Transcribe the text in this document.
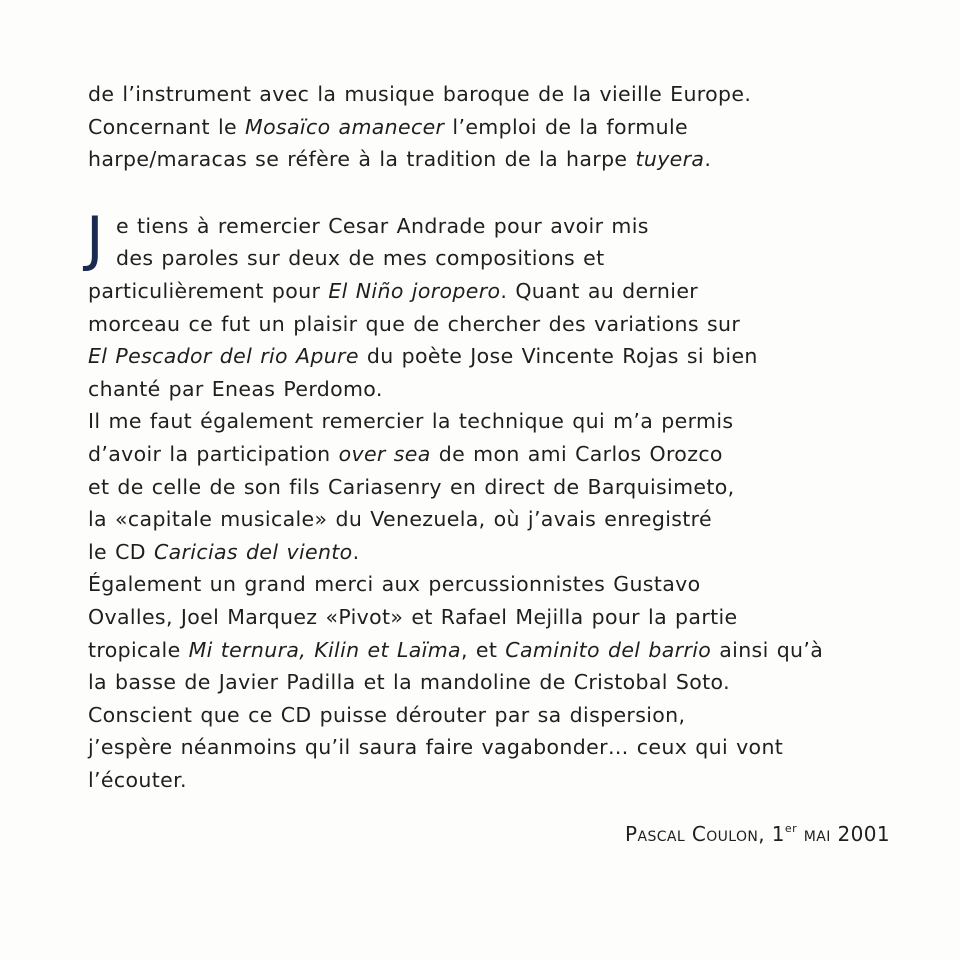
de l’instrument avec la musique baroque de la vieille Europe.
Concernant le Mosaïco amanecer l’emploi de la formule
harpe/maracas se réfère à la tradition de la harpe tuyera.
J e tiens à remercier Cesar Andrade pour avoir mis
des paroles sur deux de mes compositions et
particulièrement pour El Niño joropero. Quant au dernier
morceau ce fut un plaisir que de chercher des variations sur
El Pescador del rio Apure du poète Jose Vincente Rojas si bien
chanté par Eneas Perdomo.
Il me faut également remercier la technique qui m’a permis
d’avoir la participation over sea de mon ami Carlos Orozco
et de celle de son fils Cariasenry en direct de Barquisimeto,
la «capitale musicale» du Venezuela, où j’avais enregistré
le CD Caricias del viento.
Également un grand merci aux percussionnistes Gustavo
Ovalles, Joel Marquez «Pivot» et Rafael Mejilla pour la partie
tropicale Mi ternura, Kilin et Laïma, et Caminito del barrio ainsi qu’à
la basse de Javier Padilla et la mandoline de Cristobal Soto.
Conscient que ce CD puisse dérouter par sa dispersion,
j’espère néanmoins qu’il saura faire vagabonder… ceux qui vont
l’écouter.
Pascal Coulon, 1er mai 2001
